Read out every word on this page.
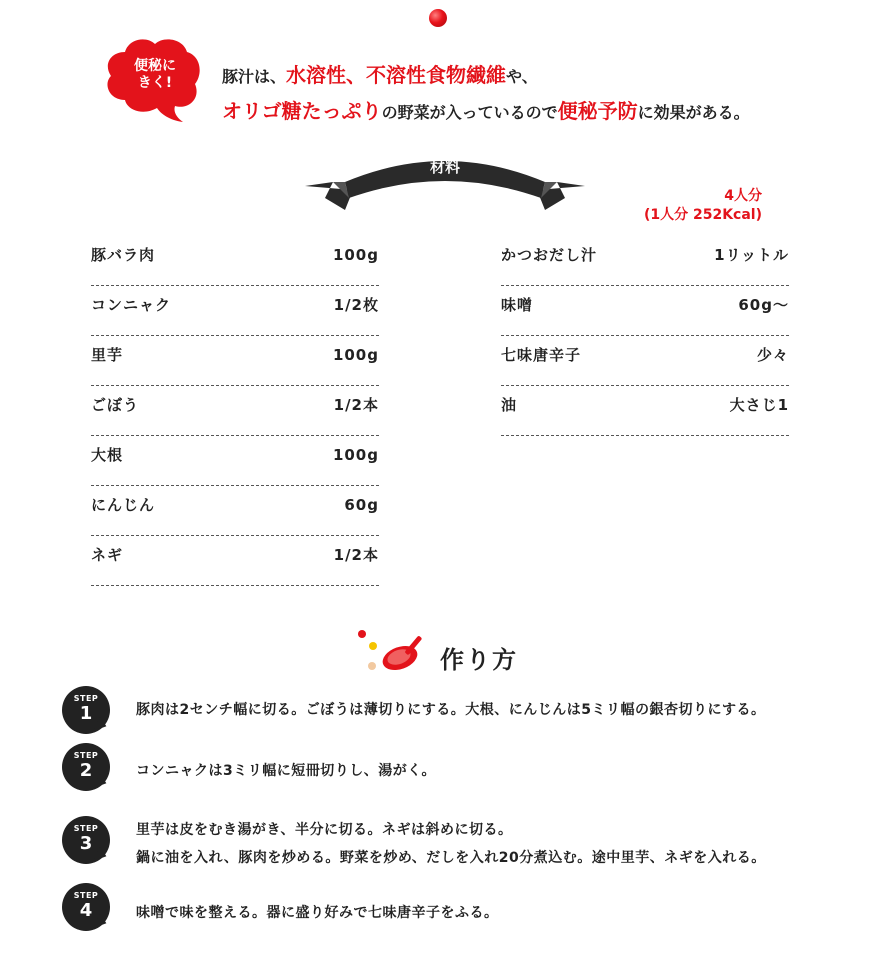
便秘に
きく!	豚汁は、水溶性、不溶性食物繊維や、
オリゴ糖たっぷりの野菜が入っているので便秘予防に効果がある。
材料
4人分
(1人分 252Kcal)
豚バラ肉	100g
コンニャク	1/2枚
里芋	100g
ごぼう	1/2本
大根	100g
にんじん	60g
ネギ	1/2本
かつおだし汁	1リットル
味噌	60g〜
七味唐辛子	少々
油	大さじ1
作り方
STEP
1	豚肉は2センチ幅に切る。ごぼうは薄切りにする。大根、にんじんは5ミリ幅の銀杏切りにする。
STEP
2	コンニャクは3ミリ幅に短冊切りし、湯がく。
STEP
3
里芋は皮をむき湯がき、半分に切る。ネギは斜めに切る。
鍋に油を入れ、豚肉を炒める。野菜を炒め、だしを入れ20分煮込む。途中里芋、ネギを入れる。
STEP
4	味噌で味を整える。器に盛り好みで七味唐辛子をふる。
